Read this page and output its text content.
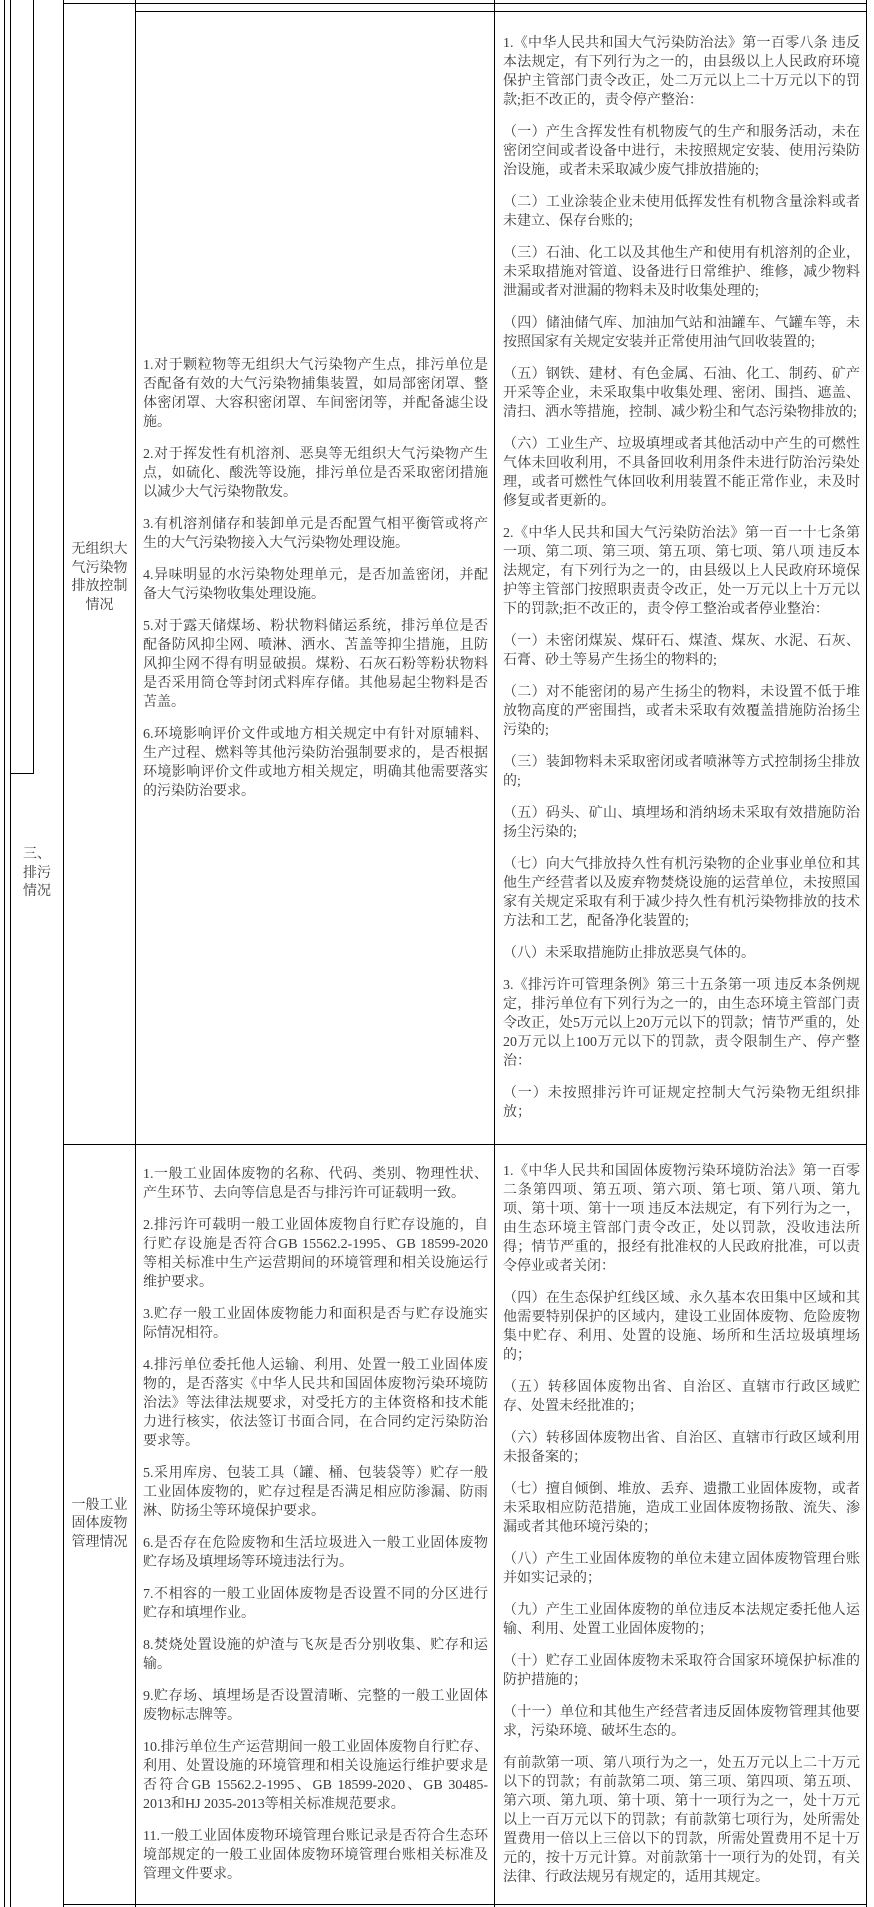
三、排污情况
无组织大气污染物排放控制情况

1.对于颗粒物等无组织大气污染物产生点，排污单位是否配备有效的大气污染物捕集装置，如局部密闭罩、整体密闭罩、大容积密闭罩、车间密闭等，并配备滤尘设施。

2.对于挥发性有机溶剂、恶臭等无组织大气污染物产生点，如硫化、酸洗等设施，排污单位是否采取密闭措施以减少大气污染物散发。

3.有机溶剂储存和装卸单元是否配置气相平衡管或将产生的大气污染物接入大气污染物处理设施。

4.异味明显的水污染物处理单元，是否加盖密闭，并配备大气污染物收集处理设施。

5.对于露天储煤场、粉状物料储运系统，排污单位是否配备防风抑尘网、喷淋、洒水、苫盖等抑尘措施，且防风抑尘网不得有明显破损。煤粉、石灰石粉等粉状物料是否采用筒仓等封闭式料库存储。其他易起尘物料是否苫盖。

6.环境影响评价文件或地方相关规定中有针对原辅料、生产过程、燃料等其他污染防治强制要求的，是否根据环境影响评价文件或地方相关规定，明确其他需要落实的污染防治要求。

1.《中华人民共和国大气污染防治法》第一百零八条 违反本法规定，有下列行为之一的，由县级以上人民政府环境保护主管部门责令改正，处二万元以上二十万元以下的罚款;拒不改正的，责令停产整治：

（一）产生含挥发性有机物废气的生产和服务活动，未在密闭空间或者设备中进行，未按照规定安装、使用污染防治设施，或者未采取减少废气排放措施的;

（二）工业涂装企业未使用低挥发性有机物含量涂料或者未建立、保存台账的;

（三）石油、化工以及其他生产和使用有机溶剂的企业，未采取措施对管道、设备进行日常维护、维修，减少物料泄漏或者对泄漏的物料未及时收集处理的;

（四）储油储气库、加油加气站和油罐车、气罐车等，未按照国家有关规定安装并正常使用油气回收装置的;

（五）钢铁、建材、有色金属、石油、化工、制药、矿产开采等企业，未采取集中收集处理、密闭、围挡、遮盖、清扫、洒水等措施，控制、减少粉尘和气态污染物排放的;

（六）工业生产、垃圾填埋或者其他活动中产生的可燃性气体未回收利用，不具备回收利用条件未进行防治污染处理，或者可燃性气体回收利用装置不能正常作业，未及时修复或者更新的。

2.《中华人民共和国大气污染防治法》第一百一十七条第一项、第二项、第三项、第五项、第七项、第八项 违反本法规定，有下列行为之一的，由县级以上人民政府环境保护等主管部门按照职责责令改正，处一万元以上十万元以下的罚款;拒不改正的，责令停工整治或者停业整治：

（一）未密闭煤炭、煤矸石、煤渣、煤灰、水泥、石灰、石膏、砂土等易产生扬尘的物料的;

（二）对不能密闭的易产生扬尘的物料，未设置不低于堆放物高度的严密围挡，或者未采取有效覆盖措施防治扬尘污染的;

（三）装卸物料未采取密闭或者喷淋等方式控制扬尘排放的;

（五）码头、矿山、填埋场和消纳场未采取有效措施防治扬尘污染的;

（七）向大气排放持久性有机污染物的企业事业单位和其他生产经营者以及废弃物焚烧设施的运营单位，未按照国家有关规定采取有利于减少持久性有机污染物排放的技术方法和工艺，配备净化装置的;

（八）未采取措施防止排放恶臭气体的。

3.《排污许可管理条例》第三十五条第一项 违反本条例规定，排污单位有下列行为之一的，由生态环境主管部门责令改正，处5万元以上20万元以下的罚款；情节严重的，处20万元以上100万元以下的罚款，责令限制生产、停产整治：

（一）未按照排污许可证规定控制大气污染物无组织排放；

一般工业固体废物管理情况

1.一般工业固体废物的名称、代码、类别、物理性状、产生环节、去向等信息是否与排污许可证载明一致。

2.排污许可载明一般工业固体废物自行贮存设施的，自行贮存设施是否符合GB 15562.2-1995、GB 18599-2020等相关标准中生产运营期间的环境管理和相关设施运行维护要求。

3.贮存一般工业固体废物能力和面积是否与贮存设施实际情况相符。

4.排污单位委托他人运输、利用、处置一般工业固体废物的，是否落实《中华人民共和国固体废物污染环境防治法》等法律法规要求，对受托方的主体资格和技术能力进行核实，依法签订书面合同，在合同约定污染防治要求等。

5.采用库房、包装工具（罐、桶、包装袋等）贮存一般工业固体废物的，贮存过程是否满足相应防渗漏、防雨淋、防扬尘等环境保护要求。

6.是否存在危险废物和生活垃圾进入一般工业固体废物贮存场及填埋场等环境违法行为。

7.不相容的一般工业固体废物是否设置不同的分区进行贮存和填埋作业。

8.焚烧处置设施的炉渣与飞灰是否分别收集、贮存和运输。

9.贮存场、填埋场是否设置清晰、完整的一般工业固体废物标志牌等。

10.排污单位生产运营期间一般工业固体废物自行贮存、利用、处置设施的环境管理和相关设施运行维护要求是否符合GB 15562.2-1995、GB 18599-2020、GB 30485-2013和HJ 2035-2013等相关标准规范要求。

11.一般工业固体废物环境管理台账记录是否符合生态环境部规定的一般工业固体废物环境管理台账相关标准及管理文件要求。

1.《中华人民共和国固体废物污染环境防治法》第一百零二条第四项、第五项、第六项、第七项、第八项、第九项、第十项、第十一项 违反本法规定，有下列行为之一，由生态环境主管部门责令改正，处以罚款，没收违法所得；情节严重的，报经有批准权的人民政府批准，可以责令停业或者关闭：

（四）在生态保护红线区域、永久基本农田集中区域和其他需要特别保护的区域内，建设工业固体废物、危险废物集中贮存、利用、处置的设施、场所和生活垃圾填埋场的；

（五）转移固体废物出省、自治区、直辖市行政区域贮存、处置未经批准的；

（六）转移固体废物出省、自治区、直辖市行政区域利用未报备案的；

（七）擅自倾倒、堆放、丢弃、遗撒工业固体废物，或者未采取相应防范措施，造成工业固体废物扬散、流失、渗漏或者其他环境污染的；

（八）产生工业固体废物的单位未建立固体废物管理台账并如实记录的；

（九）产生工业固体废物的单位违反本法规定委托他人运输、利用、处置工业固体废物的；

（十）贮存工业固体废物未采取符合国家环境保护标准的防护措施的；

（十一）单位和其他生产经营者违反固体废物管理其他要求，污染环境、破坏生态的。

有前款第一项、第八项行为之一，处五万元以上二十万元以下的罚款；有前款第二项、第三项、第四项、第五项、第六项、第九项、第十项、第十一项行为之一，处十万元以上一百万元以下的罚款；有前款第七项行为，处所需处置费用一倍以上三倍以下的罚款，所需处置费用不足十万元的，按十万元计算。对前款第十一项行为的处罚，有关法律、行政法规另有规定的，适用其规定。
